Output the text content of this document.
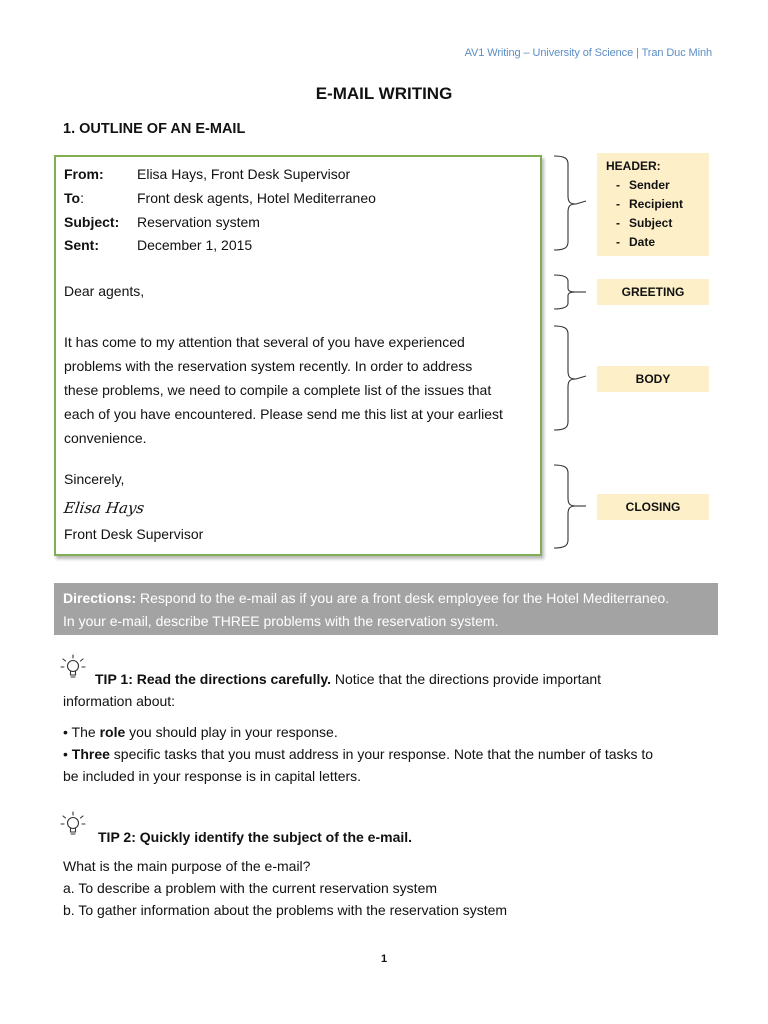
AV1 Writing – University of Science | Tran Duc Minh
E-MAIL WRITING
1. OUTLINE OF AN E-MAIL
From: Elisa Hays, Front Desk Supervisor
To:	Front desk agents, Hotel Mediterraneo
Subject: Reservation system
Sent:	December 1, 2015
Dear agents,
It has come to my attention that several of you have experienced
problems with the reservation system recently. In order to address
these problems, we need to compile a complete list of the issues that
each of you have encountered. Please send me this list at your earliest
convenience.
Sincerely,
Elisa Hays
Front Desk Supervisor
HEADER:
- Sender
- Recipient
- Subject
- Date
GREETING
BODY
CLOSING
Directions: Respond to the e-mail as if you are a front desk employee for the Hotel Mediterraneo.
In your e-mail, describe THREE problems with the reservation system.
TIP 1: Read the directions carefully. Notice that the directions provide important
information about:
• The role you should play in your response.
• Three specific tasks that you must address in your response. Note that the number of tasks to
be included in your response is in capital letters.
TIP 2: Quickly identify the subject of the e-mail.
What is the main purpose of the e-mail?
a. To describe a problem with the current reservation system
b. To gather information about the problems with the reservation system
1
